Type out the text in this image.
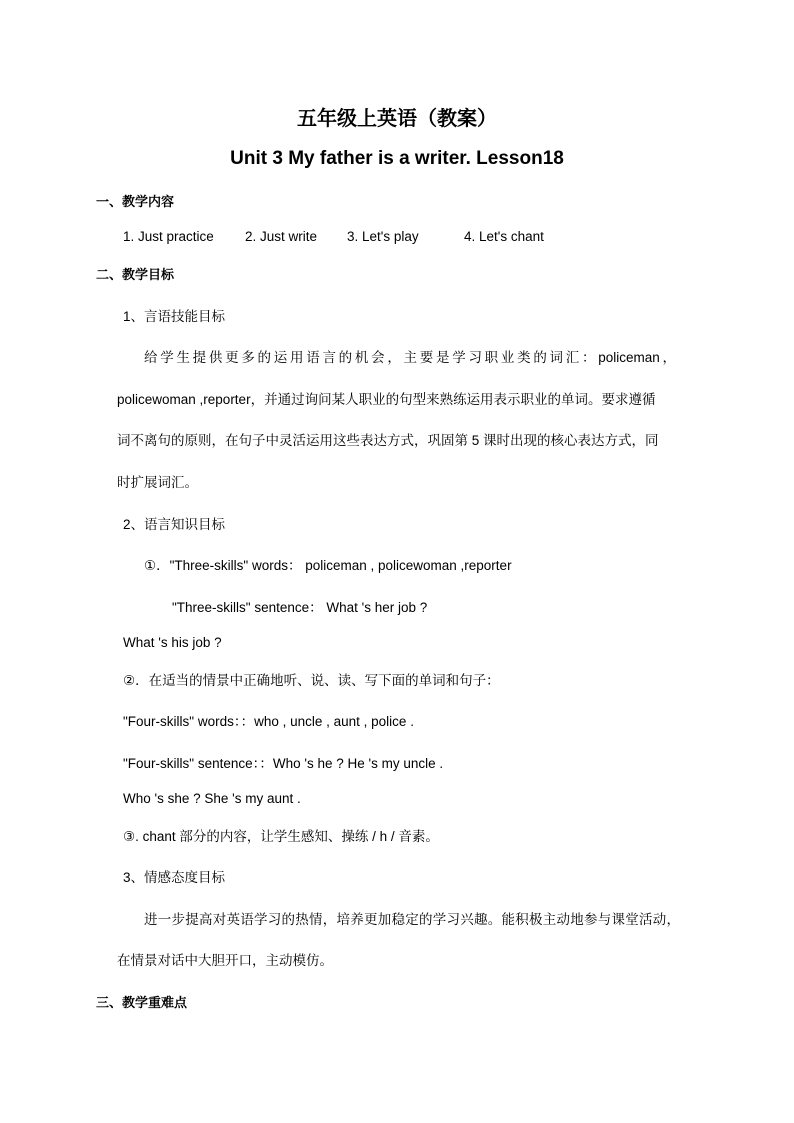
五年级上英语（教案）
Unit 3 My father is a writer. Lesson18
一、教学内容
1. Just practice 2. Just write 3. Let's play	4. Let's chant
二、教学目标
1、言语技能目标
给学生提供更多的运用语言的机会，主要是学习职业类的词汇：policeman，
policewoman ,reporter，并通过询问某人职业的句型来熟练运用表示职业的单词。要求遵循
词不离句的原则，在句子中灵活运用这些表达方式，巩固第 5 课时出现的核心表达方式，同
时扩展词汇。
2、语言知识目标
①．"Three-skills" words： policeman , policewoman ,reporter
"Three-skills" sentence： What 's her job ?
What 's his job ?
②．在适当的情景中正确地听、说、读、写下面的单词和句子：
"Four-skills" words：：who , uncle , aunt , police .
"Four-skills" sentence：：Who 's he ? He 's my uncle .
Who 's she ? She 's my aunt .
③. chant 部分的内容，让学生感知、操练 / h / 音素。
3、情感态度目标
进一步提高对英语学习的热情，培养更加稳定的学习兴趣。能积极主动地参与课堂活动，
在情景对话中大胆开口，主动模仿。
三、教学重难点
